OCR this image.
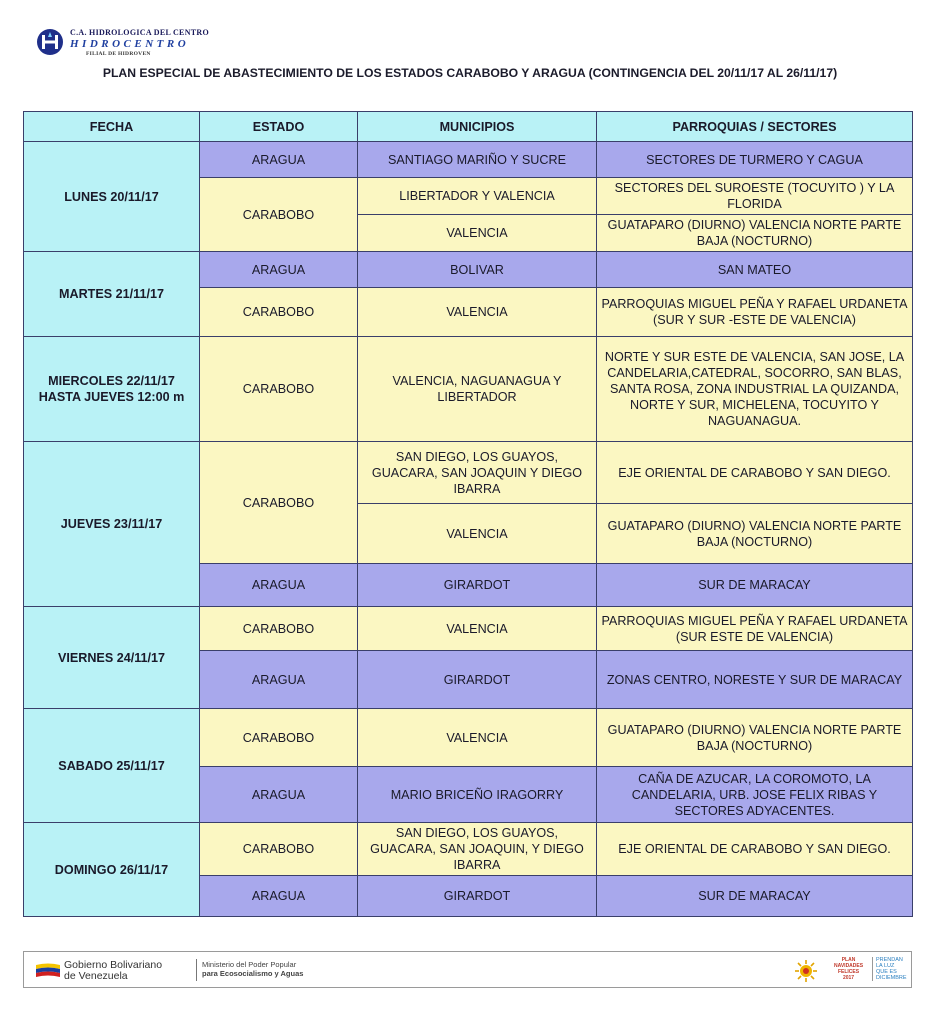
C.A. HIDROLOGICA DEL CENTRO
HIDROCENTRO
FILIAL DE HIDROVEN
PLAN ESPECIAL DE ABASTECIMIENTO DE LOS ESTADOS CARABOBO Y ARAGUA (CONTINGENCIA DEL 20/11/17 AL 26/11/17)
FECHA	ESTADO	MUNICIPIOS	PARROQUIAS / SECTORES
LUNES 20/11/17	ARAGUA	SANTIAGO MARIÑO Y SUCRE	SECTORES DE TURMERO Y CAGUA
	CARABOBO	LIBERTADOR Y VALENCIA	SECTORES DEL SUROESTE (TOCUYITO ) Y LA FLORIDA
		VALENCIA	GUATAPARO (DIURNO) VALENCIA NORTE PARTE BAJA (NOCTURNO)
MARTES 21/11/17	ARAGUA	BOLIVAR	SAN MATEO
	CARABOBO	VALENCIA	PARROQUIAS MIGUEL PEÑA Y RAFAEL URDANETA (SUR Y SUR -ESTE DE VALENCIA)
MIERCOLES 22/11/17
HASTA JUEVES 12:00 m	CARABOBO	VALENCIA, NAGUANAGUA Y LIBERTADOR	NORTE Y SUR ESTE DE VALENCIA, SAN JOSE, LA CANDELARIA,CATEDRAL, SOCORRO, SAN BLAS, SANTA ROSA, ZONA INDUSTRIAL LA QUIZANDA, NORTE Y SUR, MICHELENA, TOCUYITO Y NAGUANAGUA.
JUEVES 23/11/17	CARABOBO	SAN DIEGO, LOS GUAYOS, GUACARA, SAN JOAQUIN Y DIEGO IBARRA	EJE ORIENTAL DE CARABOBO Y SAN DIEGO.
		VALENCIA	GUATAPARO (DIURNO) VALENCIA NORTE PARTE BAJA (NOCTURNO)
	ARAGUA	GIRARDOT	SUR DE MARACAY
VIERNES 24/11/17	CARABOBO	VALENCIA	PARROQUIAS MIGUEL PEÑA Y RAFAEL URDANETA (SUR ESTE DE VALENCIA)
	ARAGUA	GIRARDOT	ZONAS CENTRO, NORESTE Y SUR DE MARACAY
SABADO 25/11/17	CARABOBO	VALENCIA	GUATAPARO (DIURNO) VALENCIA NORTE PARTE BAJA (NOCTURNO)
	ARAGUA	MARIO BRICEÑO IRAGORRY	CAÑA DE AZUCAR, LA COROMOTO, LA CANDELARIA, URB. JOSE FELIX RIBAS Y SECTORES ADYACENTES.
DOMINGO 26/11/17	CARABOBO	SAN DIEGO, LOS GUAYOS, GUACARA, SAN JOAQUIN, Y DIEGO IBARRA	EJE ORIENTAL DE CARABOBO Y SAN DIEGO.
	ARAGUA	GIRARDOT	SUR DE MARACAY
Gobierno Bolivariano
de Venezuela
Ministerio del Poder Popular
para Ecosocialismo y Aguas
PLAN
NAVIDADES
FELICES
2017
PRENDAN
LA LUZ
QUE ES
DICIEMBRE
